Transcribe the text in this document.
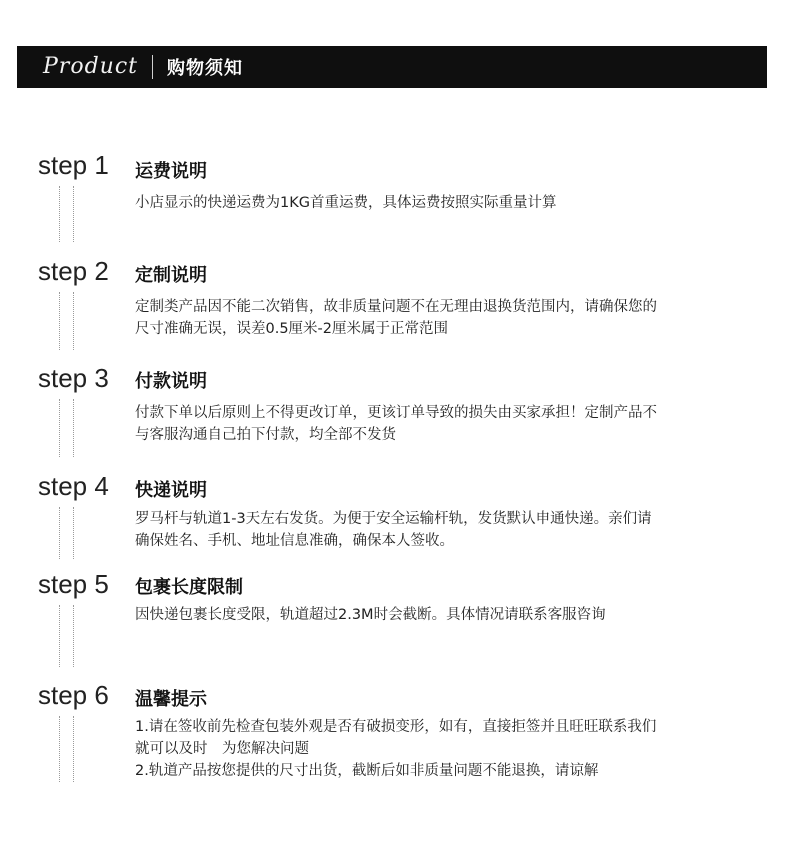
Product 购物须知
step 1 运费说明

小店显示的快递运费为1KG首重运费，具体运费按照实际重量计算

step 2 定制说明

定制类产品因不能二次销售，故非质量问题不在无理由退换货范围内，请确保您的

尺寸准确无误，误差0.5厘米-2厘米属于正常范围

step 3 付款说明

付款下单以后原则上不得更改订单，更该订单导致的损失由买家承担！定制产品不

与客服沟通自己拍下付款，均全部不发货

step 4 快递说明

罗马杆与轨道1-3天左右发货。为便于安全运输杆轨，发货默认申通快递。亲们请

确保姓名、手机、地址信息准确，确保本人签收。

step 5 包裹长度限制

因快递包裹长度受限，轨道超过2.3M时会截断。具体情况请联系客服咨询

step 6 温馨提示

1.请在签收前先检查包装外观是否有破损变形，如有，直接拒签并且旺旺联系我们

就可以及时　为您解决问题

2.轨道产品按您提供的尺寸出货，截断后如非质量问题不能退换，请谅解
